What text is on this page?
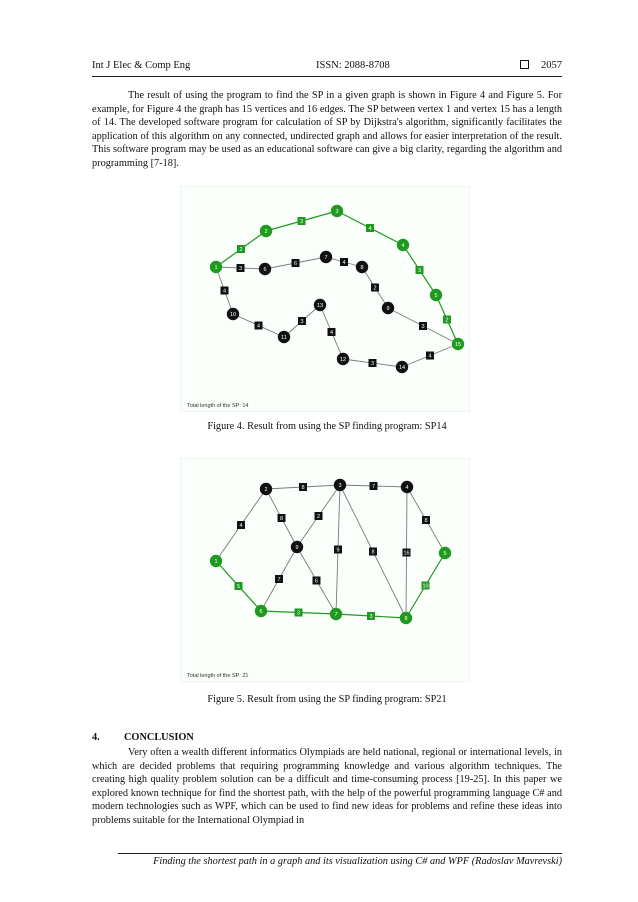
Int J Elec & Comp Eng	ISSN: 2088-8708	2057
The result of using the program to find the SP in a given graph is shown in Figure 4 and Figure 5. For example, for Figure 4 the graph has 15 vertices and 16 edges. The SP between vertex 1 and vertex 15 has a length of 14. The developed software program for calculation of SP by Dijkstra's algorithm, significantly facilitates the application of this algorithm on any connected, undirected graph and allows for easier interpretation of the result. This software program may be used as an educational software can give a big clarity, regarding the algorithm and programming [7-18].
2
3
4
3
2
3
6	4
2
3
4
4
3
4
3
4
1
2
3
4
5
15
6
7
8
9
10
11
12
13
14
Total length of the SP: 14
Figure 4. Result from using the SP finding program: SP14
5
3
3
10
4
8	7
8
8	2
7	6
9	8	16
1
6	7
8
5
2
3	4
9
Total length of the SP: 21
Figure 5. Result from using the SP finding program: SP21
4. CONCLUSION
Very often a wealth different informatics Olympiads are held national, regional or international levels, in which are decided problems that requiring programming knowledge and various algorithm techniques. The creating high quality problem solution can be a difficult and time-consuming process [19-25]. In this paper we explored known technique for find the shortest path, with the help of the powerful programming language C# and modern technologies such as WPF, which can be used to find new ideas for problems and refine these ideas into problems suitable for the International Olympiad in
Finding the shortest path in a graph and its visualization using C# and WPF (Radoslav Mavrevski)
